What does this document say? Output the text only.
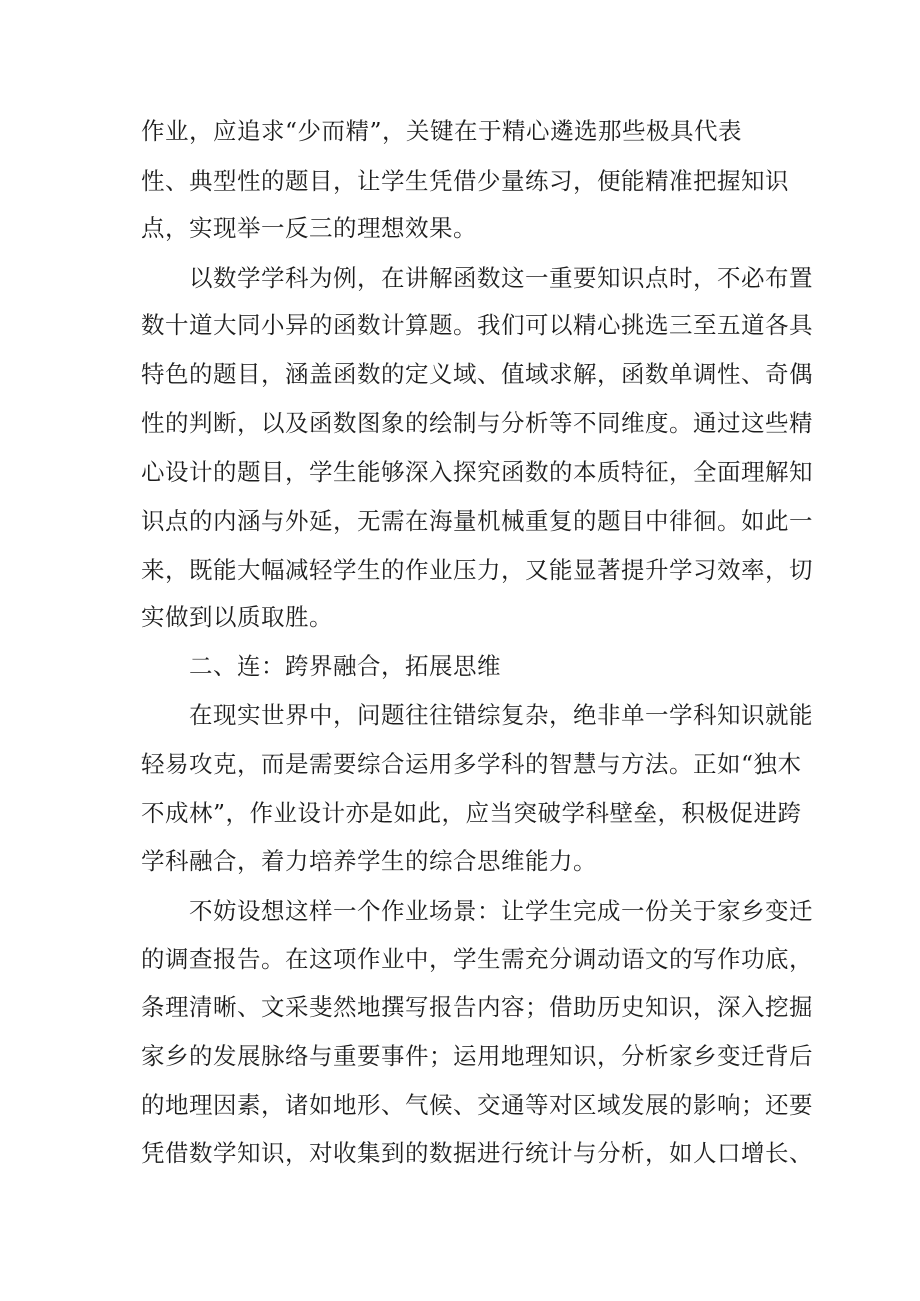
作业，应追求“少而精”，关键在于精心遴选那些极具代表

性、典型性的题目，让学生凭借少量练习，便能精准把握知识

点，实现举一反三的理想效果。

以数学学科为例，在讲解函数这一重要知识点时，不必布置

数十道大同小异的函数计算题。我们可以精心挑选三至五道各具

特色的题目，涵盖函数的定义域、值域求解，函数单调性、奇偶

性的判断，以及函数图象的绘制与分析等不同维度。通过这些精

心设计的题目，学生能够深入探究函数的本质特征，全面理解知

识点的内涵与外延，无需在海量机械重复的题目中徘徊。如此一

来，既能大幅减轻学生的作业压力，又能显著提升学习效率，切

实做到以质取胜。

二、连：跨界融合，拓展思维

在现实世界中，问题往往错综复杂，绝非单一学科知识就能

轻易攻克，而是需要综合运用多学科的智慧与方法。正如“独木

不成林”，作业设计亦是如此，应当突破学科壁垒，积极促进跨

学科融合，着力培养学生的综合思维能力。

不妨设想这样一个作业场景：让学生完成一份关于家乡变迁

的调查报告。在这项作业中，学生需充分调动语文的写作功底，

条理清晰、文采斐然地撰写报告内容；借助历史知识，深入挖掘

家乡的发展脉络与重要事件；运用地理知识，分析家乡变迁背后

的地理因素，诸如地形、气候、交通等对区域发展的影响；还要

凭借数学知识，对收集到的数据进行统计与分析，如人口增长、
